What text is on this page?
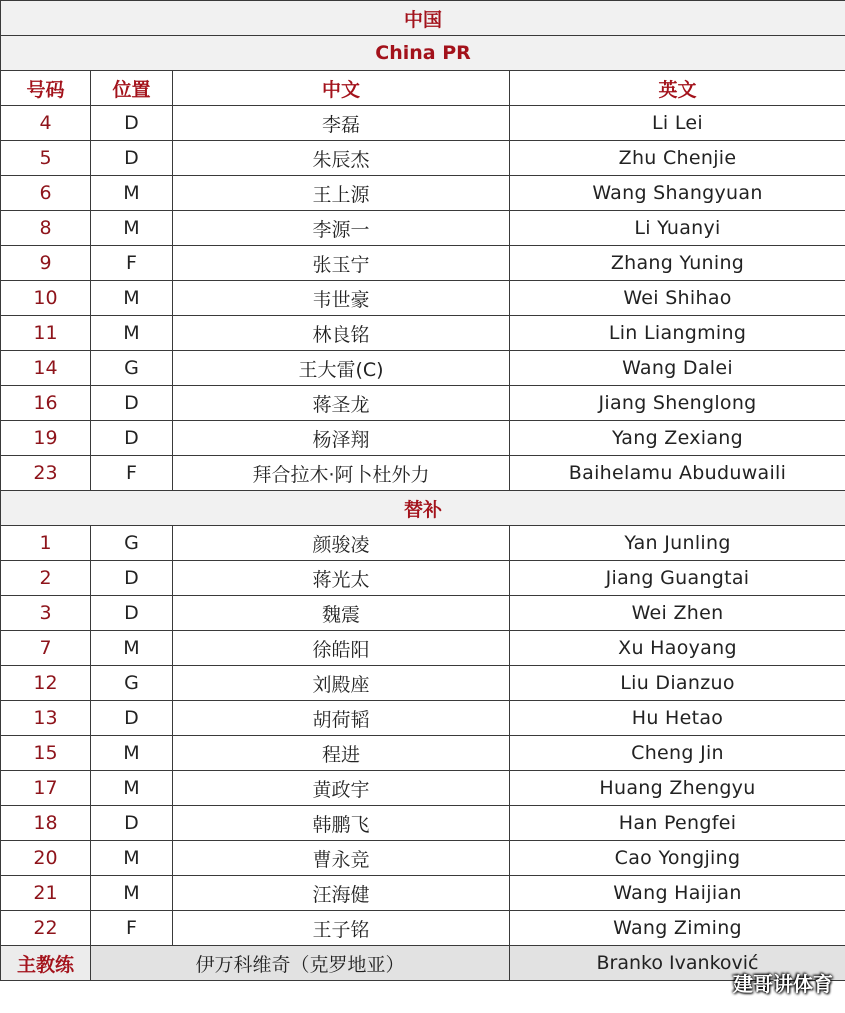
中国			
China PR			
号码	位置	中文	英文
4	D	李磊	Li Lei
5	D	朱辰杰	Zhu Chenjie
6	M	王上源	Wang Shangyuan
8	M	李源一	Li Yuanyi
9	F	张玉宁	Zhang Yuning
10	M	韦世豪	Wei Shihao
11	M	林良铭	Lin Liangming
14	G	王大雷(C)	Wang Dalei
16	D	蒋圣龙	Jiang Shenglong
19	D	杨泽翔	Yang Zexiang
23	F	拜合拉木·阿卜杜外力	Baihelamu Abuduwaili
替补			
1	G	颜骏凌	Yan Junling
2	D	蒋光太	Jiang Guangtai
3	D	魏震	Wei Zhen
7	M	徐皓阳	Xu Haoyang
12	G	刘殿座	Liu Dianzuo
13	D	胡荷韬	Hu Hetao
15	M	程进	Cheng Jin
17	M	黄政宇	Huang Zhengyu
18	D	韩鹏飞	Han Pengfei
20	M	曹永竞	Cao Yongjing
21	M	汪海健	Wang Haijian
22	F	王子铭	Wang Ziming
主教练	伊万科维奇（克罗地亚）		Branko Ivanković
建哥讲体育
